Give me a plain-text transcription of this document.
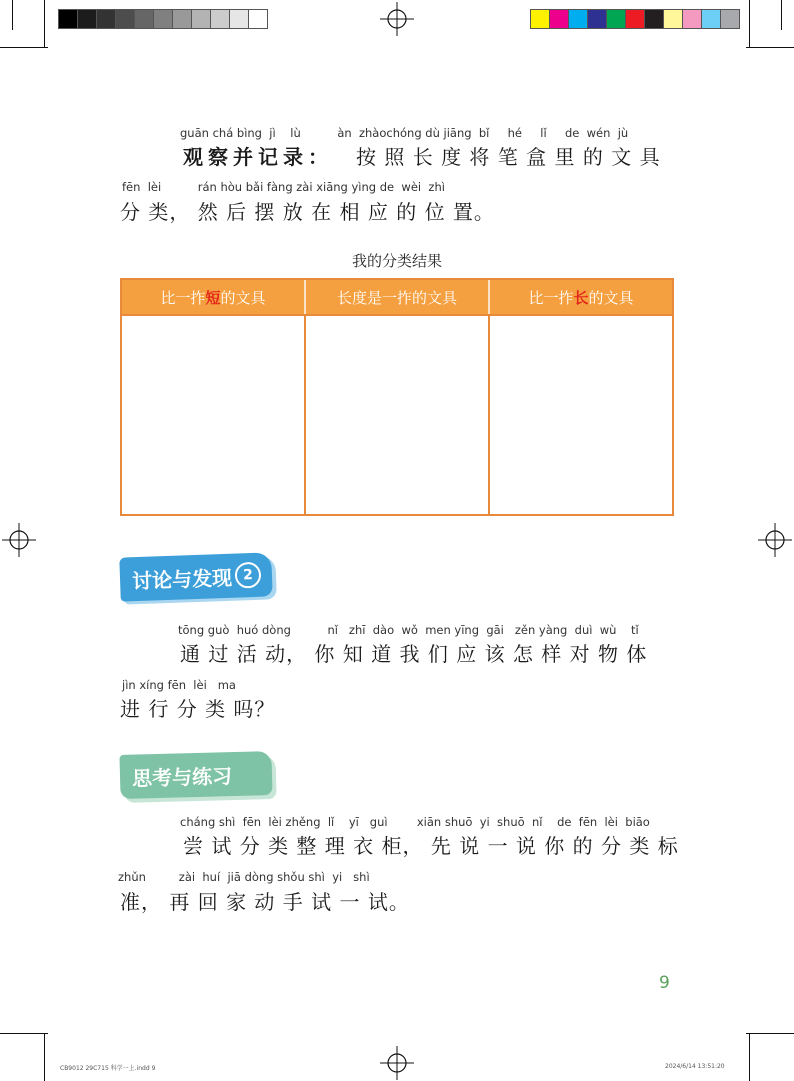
guān chá bìng  jì    lù          àn  zhàochóng dù jiāng  bǐ     hé     lǐ     de  wén  jù
观察并记录： 按 照 长 度 将 笔 盒 里 的 文 具
fēn  lèi          rán hòu bǎi fàng zài xiāng yìng de  wèi  zhì
分 类， 然 后 摆 放 在 相 应 的 位 置。
我的分类结果
比一拃 短 的文具	长度是一拃的文具	比一拃 长 的文具
讨论与发现 2
tōng guò  huó dòng          nǐ   zhī  dào  wǒ  men yīng  gāi   zěn yàng  duì  wù    tǐ
通 过 活 动， 你 知 道 我 们 应 该 怎 样 对 物 体
jìn xíng fēn  lèi   ma
进 行 分 类 吗？
思考与练习
cháng shì  fēn  lèi zhěng  lǐ    yī   guì        xiān shuō  yi  shuō  nǐ    de  fēn  lèi  biāo
尝 试 分 类 整 理 衣 柜， 先 说 一 说 你 的 分 类 标
zhǔn         zài  huí  jiā dòng shǒu shì  yi   shì
准， 再 回 家 动 手 试 一 试。
9
CB9012 29C715 科学一上.indd 9	2024/6/14 13:51:20
